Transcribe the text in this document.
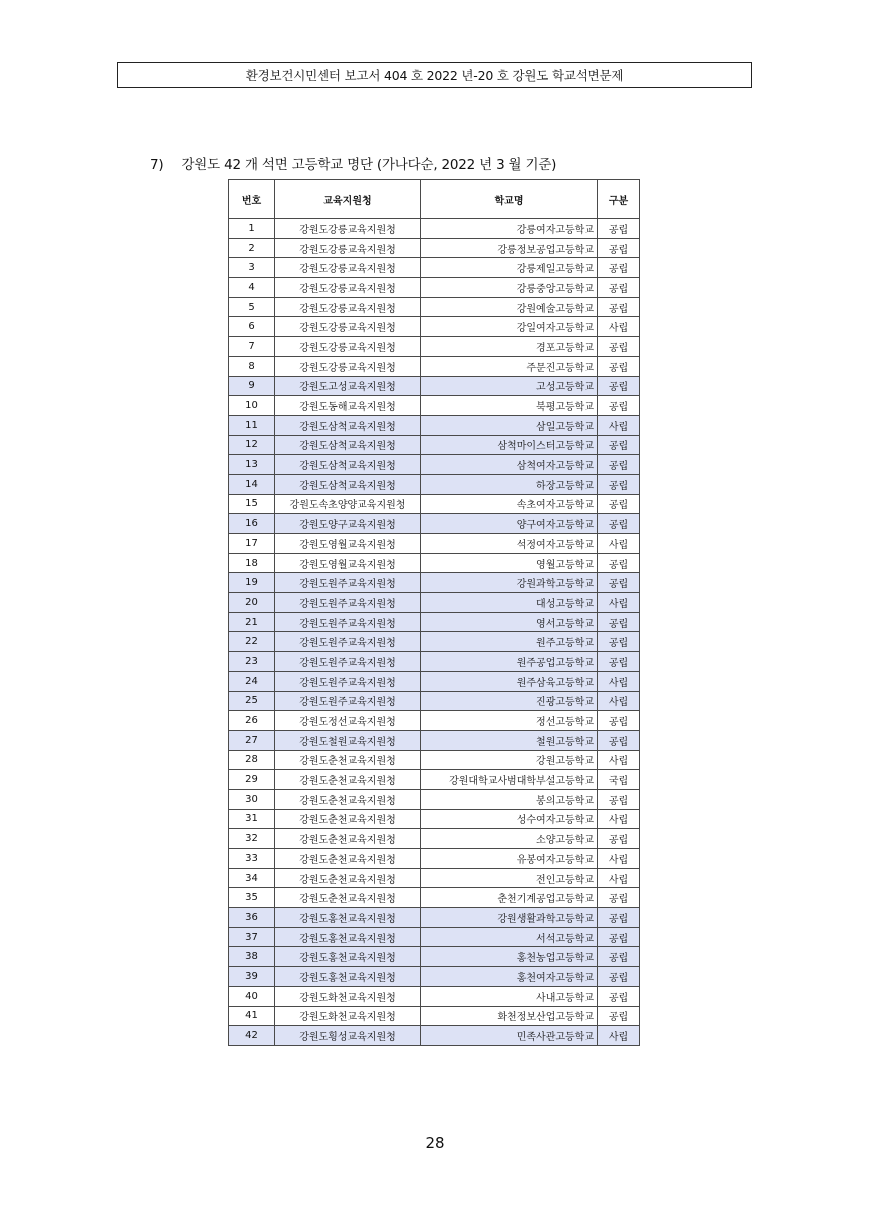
환경보건시민센터 보고서 404 호 2022 년-20 호 강원도 학교석면문제
7) 강원도 42 개 석면 고등학교 명단 (가나다순, 2022 년 3 월 기준)
번호	교육지원청	학교명	구분
1	강원도강릉교육지원청	강릉여자고등학교	공립
2	강원도강릉교육지원청	강릉정보공업고등학교	공립
3	강원도강릉교육지원청	강릉제일고등학교	공립
4	강원도강릉교육지원청	강릉중앙고등학교	공립
5	강원도강릉교육지원청	강원예술고등학교	공립
6	강원도강릉교육지원청	강일여자고등학교	사립
7	강원도강릉교육지원청	경포고등학교	공립
8	강원도강릉교육지원청	주문진고등학교	공립
9	강원도고성교육지원청	고성고등학교	공립
10	강원도동해교육지원청	북평고등학교	공립
11	강원도삼척교육지원청	삼일고등학교	사립
12	강원도삼척교육지원청	삼척마이스터고등학교	공립
13	강원도삼척교육지원청	삼척여자고등학교	공립
14	강원도삼척교육지원청	하장고등학교	공립
15	강원도속초양양교육지원청	속초여자고등학교	공립
16	강원도양구교육지원청	양구여자고등학교	공립
17	강원도영월교육지원청	석정여자고등학교	사립
18	강원도영월교육지원청	영월고등학교	공립
19	강원도원주교육지원청	강원과학고등학교	공립
20	강원도원주교육지원청	대성고등학교	사립
21	강원도원주교육지원청	영서고등학교	공립
22	강원도원주교육지원청	원주고등학교	공립
23	강원도원주교육지원청	원주공업고등학교	공립
24	강원도원주교육지원청	원주삼육고등학교	사립
25	강원도원주교육지원청	진광고등학교	사립
26	강원도정선교육지원청	정선고등학교	공립
27	강원도철원교육지원청	철원고등학교	공립
28	강원도춘천교육지원청	강원고등학교	사립
29	강원도춘천교육지원청	강원대학교사범대학부설고등학교	국립
30	강원도춘천교육지원청	봉의고등학교	공립
31	강원도춘천교육지원청	성수여자고등학교	사립
32	강원도춘천교육지원청	소양고등학교	공립
33	강원도춘천교육지원청	유봉여자고등학교	사립
34	강원도춘천교육지원청	전인고등학교	사립
35	강원도춘천교육지원청	춘천기계공업고등학교	공립
36	강원도홍천교육지원청	강원생활과학고등학교	공립
37	강원도홍천교육지원청	서석고등학교	공립
38	강원도홍천교육지원청	홍천농업고등학교	공립
39	강원도홍천교육지원청	홍천여자고등학교	공립
40	강원도화천교육지원청	사내고등학교	공립
41	강원도화천교육지원청	화천정보산업고등학교	공립
42	강원도횡성교육지원청	민족사관고등학교	사립
28
